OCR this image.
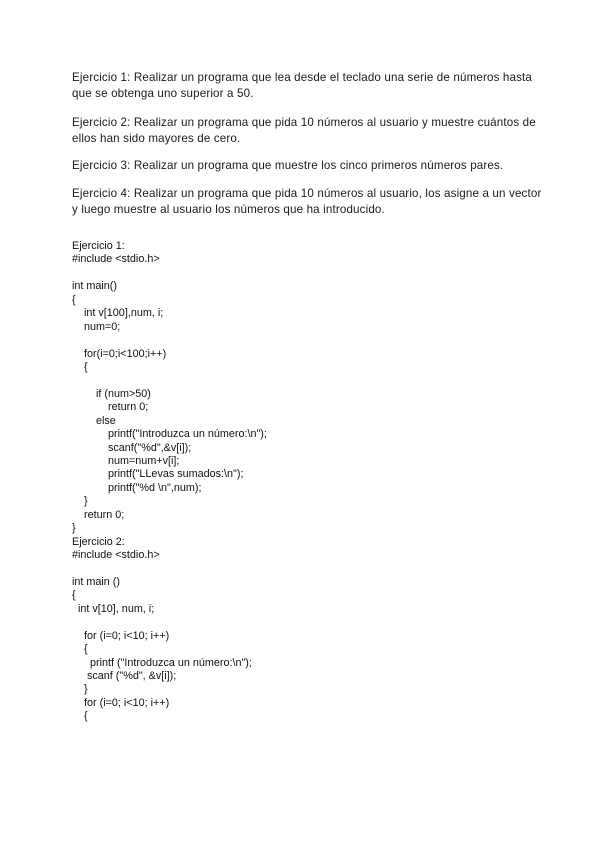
Ejercicio 1: Realizar un programa que lea desde el teclado una serie de números hasta que se obtenga uno superior a 50.

Ejercicio 2: Realizar un programa que pida 10 números al usuario y muestre cuántos de ellos han sido mayores de cero.

Ejercicio 3: Realizar un programa que muestre los cinco primeros números pares.

Ejercicio 4: Realizar un programa que pida 10 números al usuario, los asigne a un vector y luego muestre al usuario los números que ha introducido.

Ejercicio 1:
#include <stdio.h>
int main()
{
int v[100],num, i;
num=0;
for(i=0;i<100;i++)
{
if (num>50)
return 0;
else
printf("Introduzca un número:\n");
scanf("%d",&v[i]);
num=num+v[i];
printf("LLevas sumados:\n");
printf("%d \n",num);
}
return 0;
}
Ejercicio 2:
#include <stdio.h>
int main ()
{
int v[10], num, i;
for (i=0; i<10; i++)
{
printf ("Introduzca un número:\n");
scanf ("%d", &v[i]);
}
for (i=0; i<10; i++)
{
